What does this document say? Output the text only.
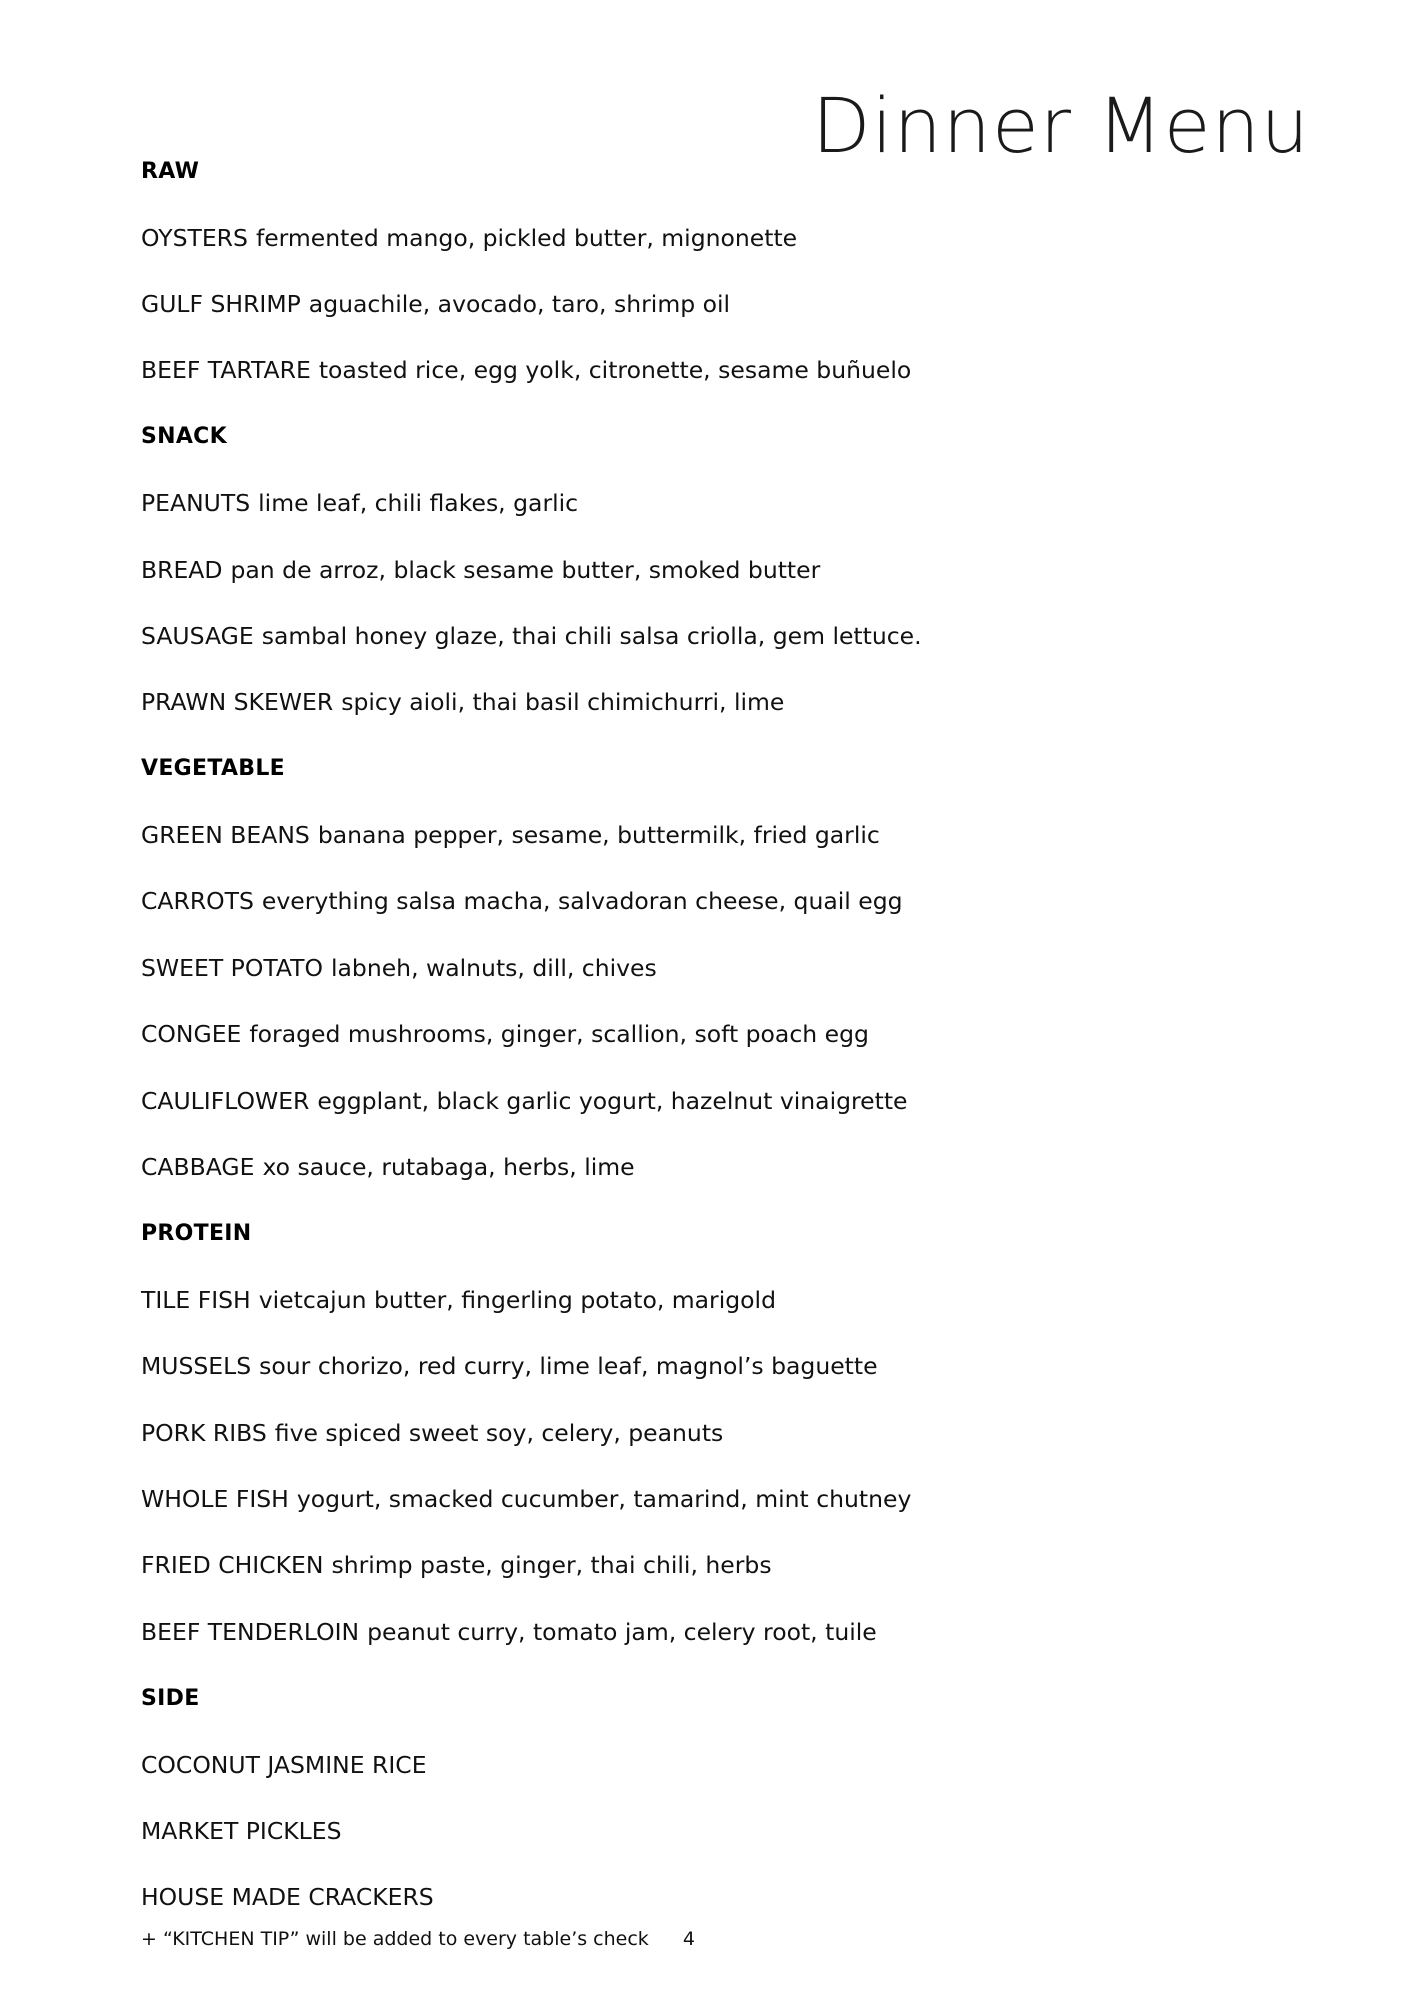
Dinner Menu
RAW
OYSTERS fermented mango, pickled butter, mignonette
GULF SHRIMP aguachile, avocado, taro, shrimp oil
BEEF TARTARE toasted rice, egg yolk, citronette, sesame buñuelo
SNACK
PEANUTS lime leaf, chili flakes, garlic
BREAD pan de arroz, black sesame butter, smoked butter
SAUSAGE sambal honey glaze, thai chili salsa criolla, gem lettuce.
PRAWN SKEWER spicy aioli, thai basil chimichurri, lime
VEGETABLE
GREEN BEANS banana pepper, sesame, buttermilk, fried garlic
CARROTS everything salsa macha, salvadoran cheese, quail egg
SWEET POTATO labneh, walnuts, dill, chives
CONGEE foraged mushrooms, ginger, scallion, soft poach egg
CAULIFLOWER eggplant, black garlic yogurt, hazelnut vinaigrette
CABBAGE xo sauce, rutabaga, herbs, lime
PROTEIN
TILE FISH vietcajun butter, fingerling potato, marigold
MUSSELS sour chorizo, red curry, lime leaf, magnol’s baguette
PORK RIBS five spiced sweet soy, celery, peanuts
WHOLE FISH yogurt, smacked cucumber, tamarind, mint chutney
FRIED CHICKEN shrimp paste, ginger, thai chili, herbs
BEEF TENDERLOIN peanut curry, tomato jam, celery root, tuile
SIDE
COCONUT JASMINE RICE
MARKET PICKLES
HOUSE MADE CRACKERS
+ “KITCHEN TIP” will be added to every table’s check 4
